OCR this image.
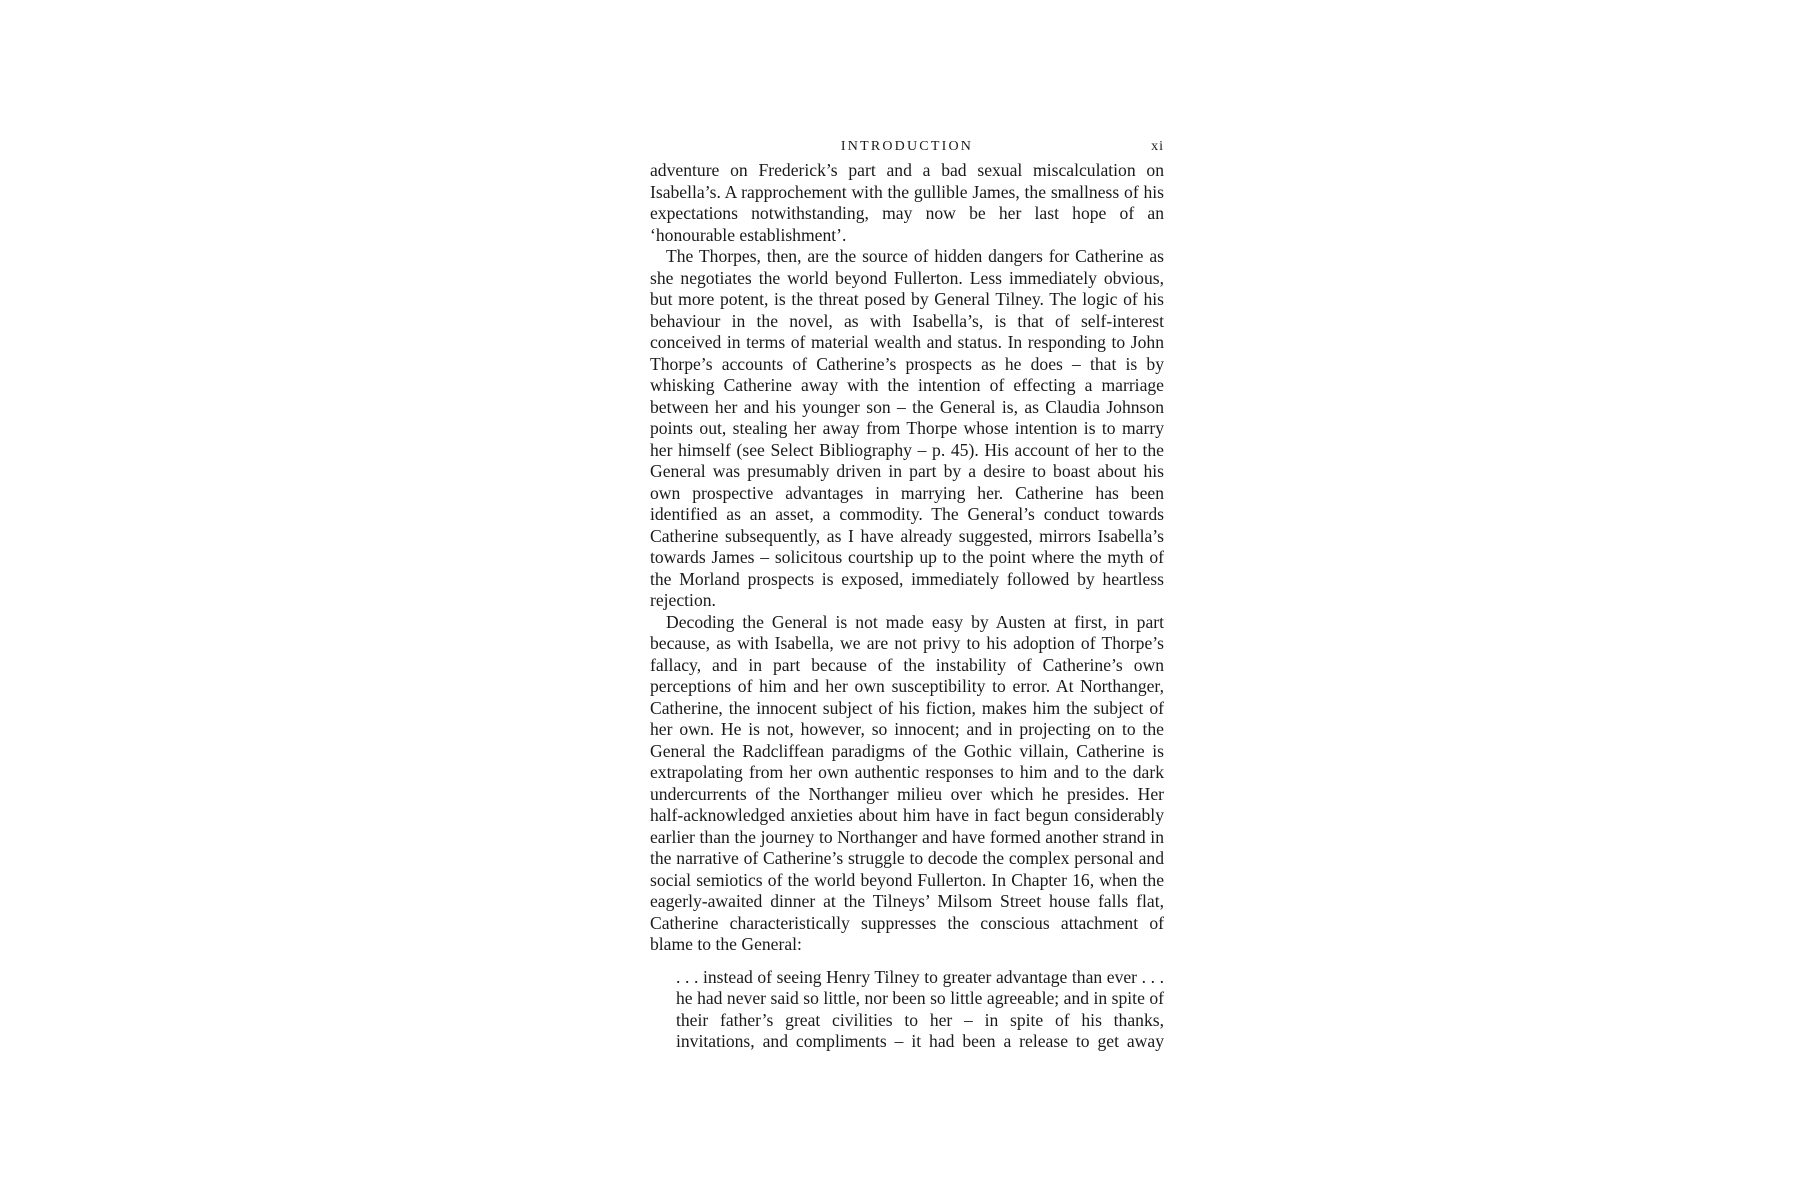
INTRODUCTION	xi

adventure on Frederick’s part and a bad sexual miscalculation on Isabella’s. A rapprochement with the gullible James, the smallness of his expectations notwithstanding, may now be her last hope of an ‘honourable establishment’.

The Thorpes, then, are the source of hidden dangers for Catherine as she negotiates the world beyond Fullerton. Less immediately obvious, but more potent, is the threat posed by General Tilney. The logic of his behaviour in the novel, as with Isabella’s, is that of self-interest conceived in terms of material wealth and status. In responding to John Thorpe’s accounts of Catherine’s prospects as he does – that is by whisking Catherine away with the intention of effecting a marriage between her and his younger son – the General is, as Claudia Johnson points out, stealing her away from Thorpe whose intention is to marry her himself (see Select Bibliography – p. 45). His account of her to the General was presumably driven in part by a desire to boast about his own prospective advantages in marrying her. Catherine has been identified as an asset, a commodity. The General’s conduct towards Catherine subsequently, as I have already suggested, mirrors Isabella’s towards James – solicitous courtship up to the point where the myth of the Morland prospects is exposed, immediately followed by heartless rejection.

Decoding the General is not made easy by Austen at first, in part because, as with Isabella, we are not privy to his adoption of Thorpe’s fallacy, and in part because of the instability of Catherine’s own perceptions of him and her own susceptibility to error. At Northanger, Catherine, the innocent subject of his fiction, makes him the subject of her own. He is not, however, so innocent; and in projecting on to the General the Radcliffean paradigms of the Gothic villain, Catherine is extrapolating from her own authentic responses to him and to the dark undercurrents of the Northanger milieu over which he presides. Her half-acknowledged anxieties about him have in fact begun considerably earlier than the journey to Northanger and have formed another strand in the narrative of Catherine’s struggle to decode the complex personal and social semiotics of the world beyond Fullerton. In Chapter 16, when the eagerly-awaited dinner at the Tilneys’ Milsom Street house falls flat, Catherine characteristically suppresses the conscious attachment of blame to the General:

. . . instead of seeing Henry Tilney to greater advantage than ever . . . he had never said so little, nor been so little agreeable; and in spite of their father’s great civilities to her – in spite of his thanks, invitations, and compliments – it had been a release to get away
